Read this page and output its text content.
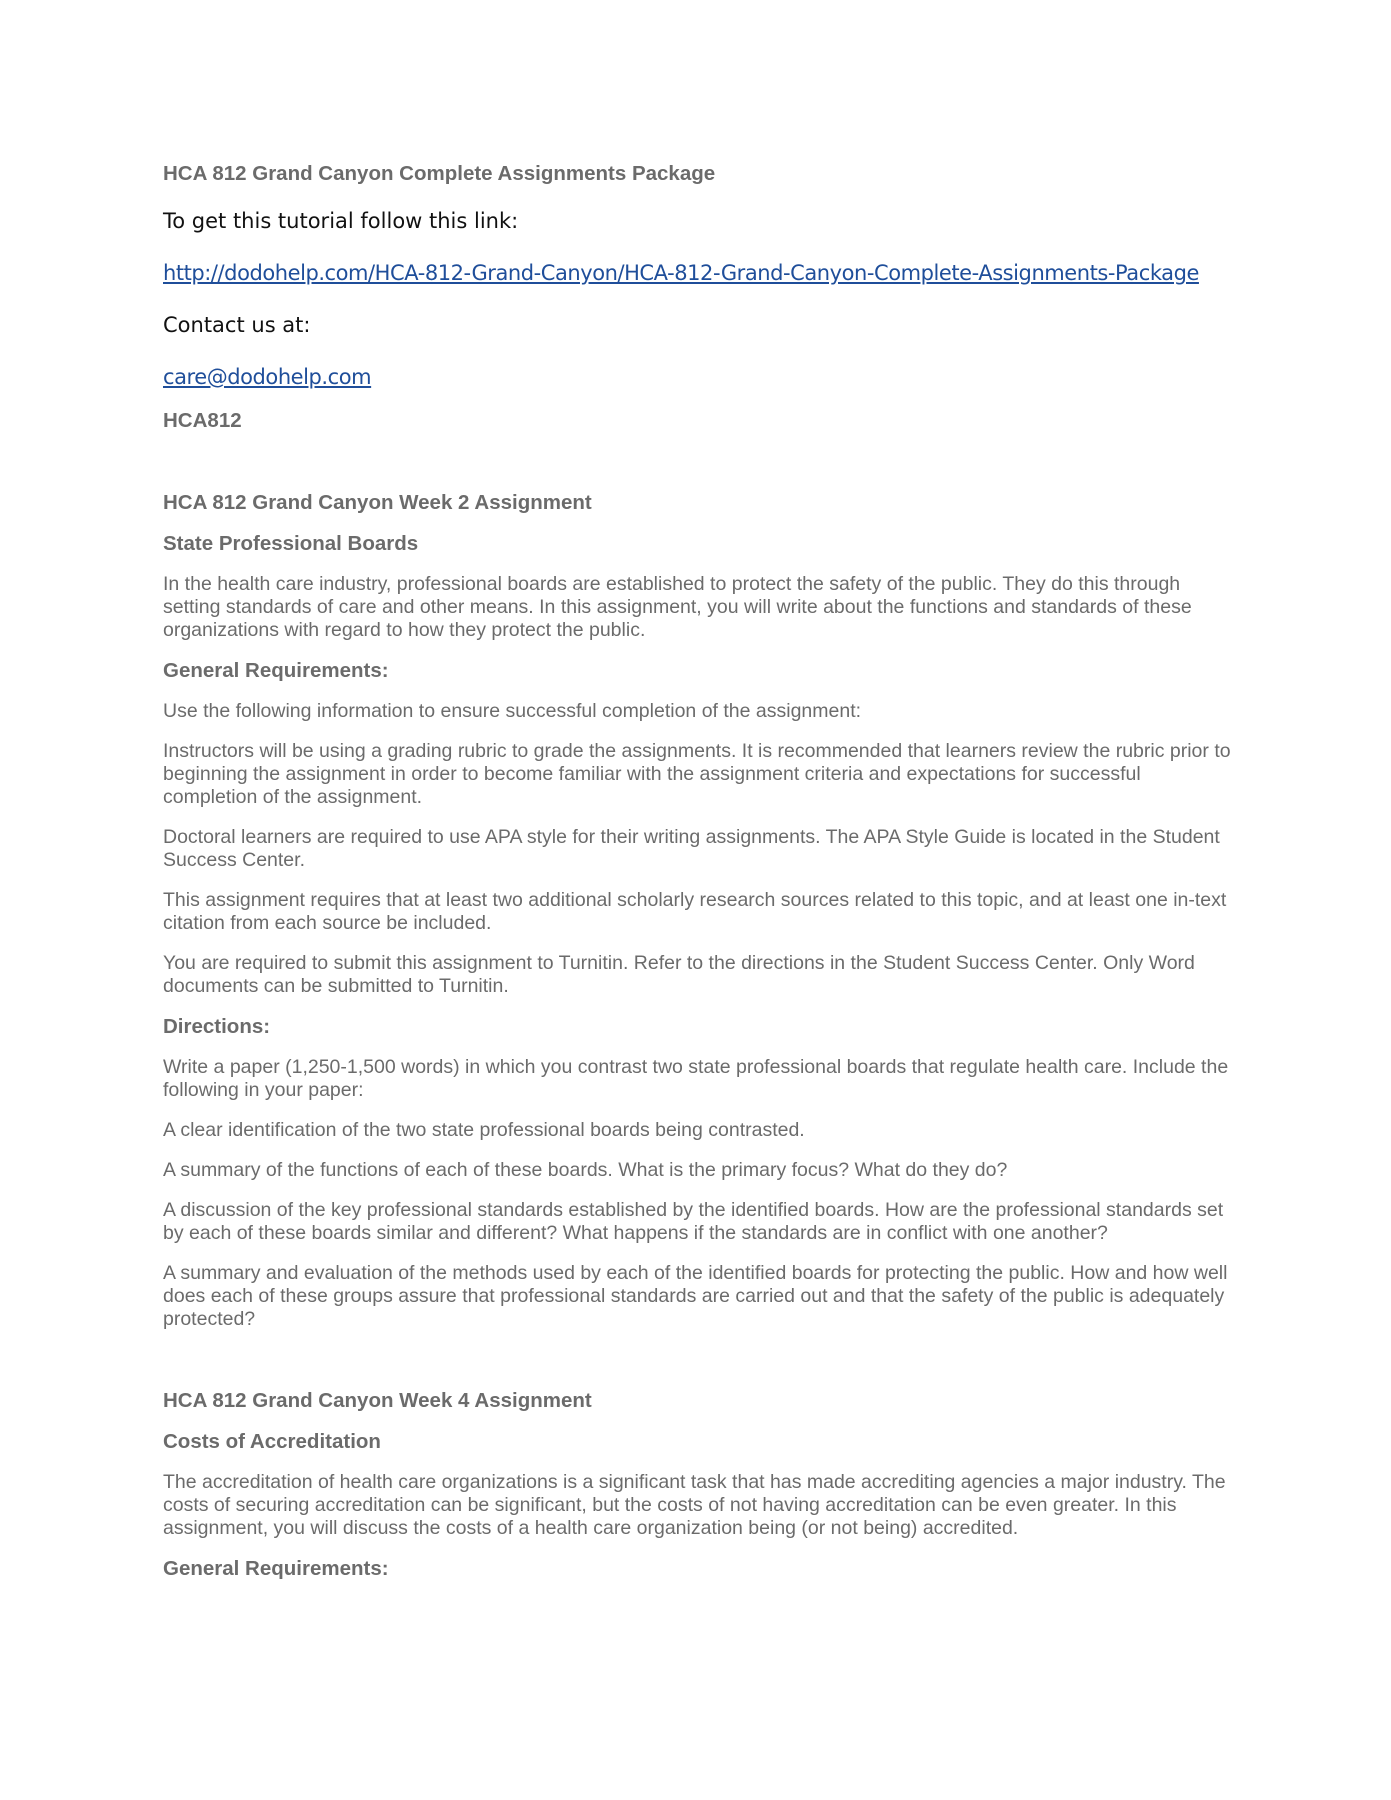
HCA 812 Grand Canyon Complete Assignments Package

To get this tutorial follow this link:

http://dodohelp.com/HCA-812-Grand-Canyon/HCA-812-Grand-Canyon-Complete-Assignments-Package

Contact us at:

care@dodohelp.com

HCA812

HCA 812 Grand Canyon Week 2 Assignment

State Professional Boards

In the health care industry, professional boards are established to protect the safety of the public. They do this through setting standards of care and other means. In this assignment, you will write about the functions and standards of these organizations with regard to how they protect the public.

General Requirements:

Use the following information to ensure successful completion of the assignment:

Instructors will be using a grading rubric to grade the assignments. It is recommended that learners review the rubric prior to beginning the assignment in order to become familiar with the assignment criteria and expectations for successful completion of the assignment.

Doctoral learners are required to use APA style for their writing assignments. The APA Style Guide is located in the Student Success Center.

This assignment requires that at least two additional scholarly research sources related to this topic, and at least one in-text citation from each source be included.

You are required to submit this assignment to Turnitin. Refer to the directions in the Student Success Center. Only Word documents can be submitted to Turnitin.

Directions:

Write a paper (1,250-1,500 words) in which you contrast two state professional boards that regulate health care. Include the following in your paper:

A clear identification of the two state professional boards being contrasted.

A summary of the functions of each of these boards. What is the primary focus? What do they do?

A discussion of the key professional standards established by the identified boards. How are the professional standards set by each of these boards similar and different? What happens if the standards are in conflict with one another?

A summary and evaluation of the methods used by each of the identified boards for protecting the public. How and how well does each of these groups assure that professional standards are carried out and that the safety of the public is adequately protected?

HCA 812 Grand Canyon Week 4 Assignment

Costs of Accreditation

The accreditation of health care organizations is a significant task that has made accrediting agencies a major industry. The costs of securing accreditation can be significant, but the costs of not having accreditation can be even greater. In this assignment, you will discuss the costs of a health care organization being (or not being) accredited.

General Requirements:
